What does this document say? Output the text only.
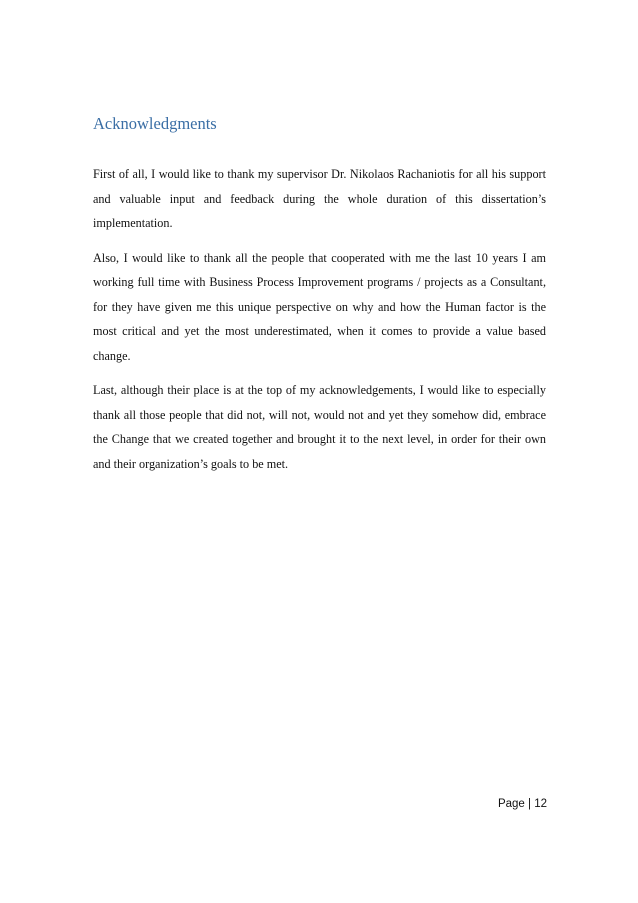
Acknowledgments

First of all, I would like to thank my supervisor Dr. Nikolaos Rachaniotis for all his support and valuable input and feedback during the whole duration of this dissertation’s implementation.

Also, I would like to thank all the people that cooperated with me the last 10 years I am working full time with Business Process Improvement programs / projects as a Consultant, for they have given me this unique perspective on why and how the Human factor is the most critical and yet the most underestimated, when it comes to provide a value based change.

Last, although their place is at the top of my acknowledgements, I would like to especially thank all those people that did not, will not, would not and yet they somehow did, embrace the Change that we created together and brought it to the next level, in order for their own and their organization’s goals to be met.

Page | 12
